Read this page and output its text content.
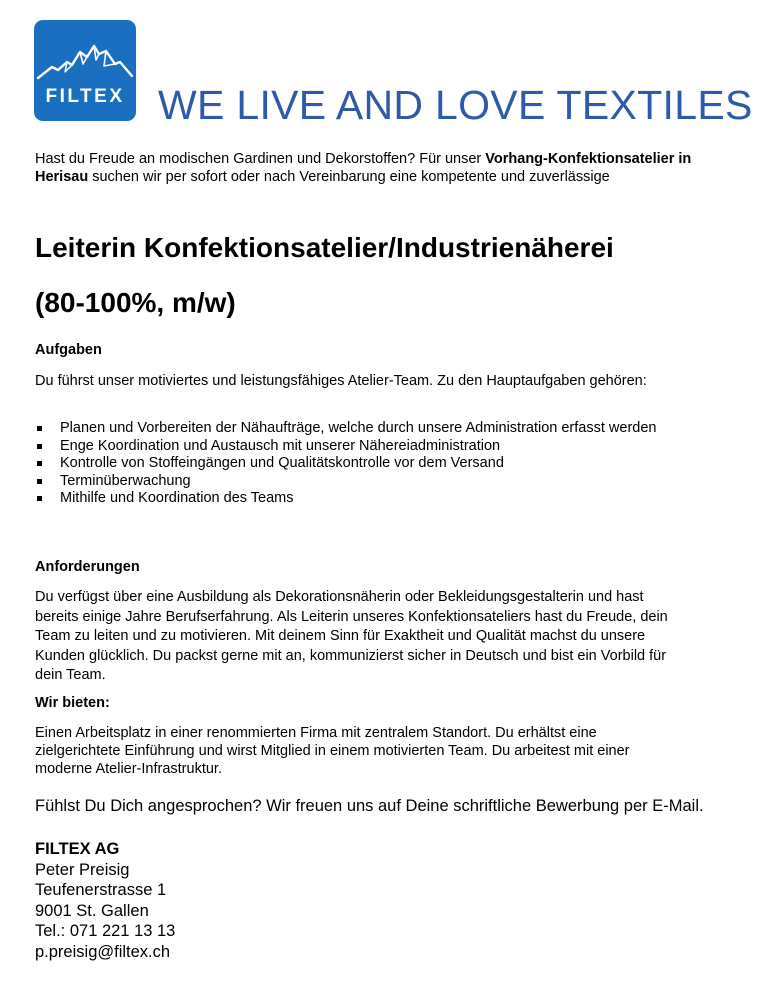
FILTEX WE LIVE AND LOVE TEXTILES
Hast du Freude an modischen Gardinen und Dekorstoffen? Für unser Vorhang-Konfektionsatelier in Herisau suchen wir per sofort oder nach Vereinbarung eine kompetente und zuverlässige
Leiterin Konfektionsatelier/Industrienäherei
(80-100%, m/w)
Aufgaben
Du führst unser motiviertes und leistungsfähiges Atelier-Team. Zu den Hauptaufgaben gehören:
Planen und Vorbereiten der Nähaufträge, welche durch unsere Administration erfasst werden
Enge Koordination und Austausch mit unserer Nähereiadministration
Kontrolle von Stoffeingängen und Qualitätskontrolle vor dem Versand
Terminüberwachung
Mithilfe und Koordination des Teams
Anforderungen
Du verfügst über eine Ausbildung als Dekorationsnäherin oder Bekleidungsgestalterin und hast bereits einige Jahre Berufserfahrung. Als Leiterin unseres Konfektionsateliers hast du Freude, dein Team zu leiten und zu motivieren. Mit deinem Sinn für Exaktheit und Qualität machst du unsere Kunden glücklich. Du packst gerne mit an, kommunizierst sicher in Deutsch und bist ein Vorbild für dein Team.
Wir bieten:
Einen Arbeitsplatz in einer renommierten Firma mit zentralem Standort. Du erhältst eine zielgerichtete Einführung und wirst Mitglied in einem motivierten Team. Du arbeitest mit einer moderne Atelier-Infrastruktur.
Fühlst Du Dich angesprochen? Wir freuen uns auf Deine schriftliche Bewerbung per E-Mail.
FILTEX AG
Peter Preisig
Teufenerstrasse 1
9001 St. Gallen
Tel.: 071 221 13 13
p.preisig@filtex.ch
